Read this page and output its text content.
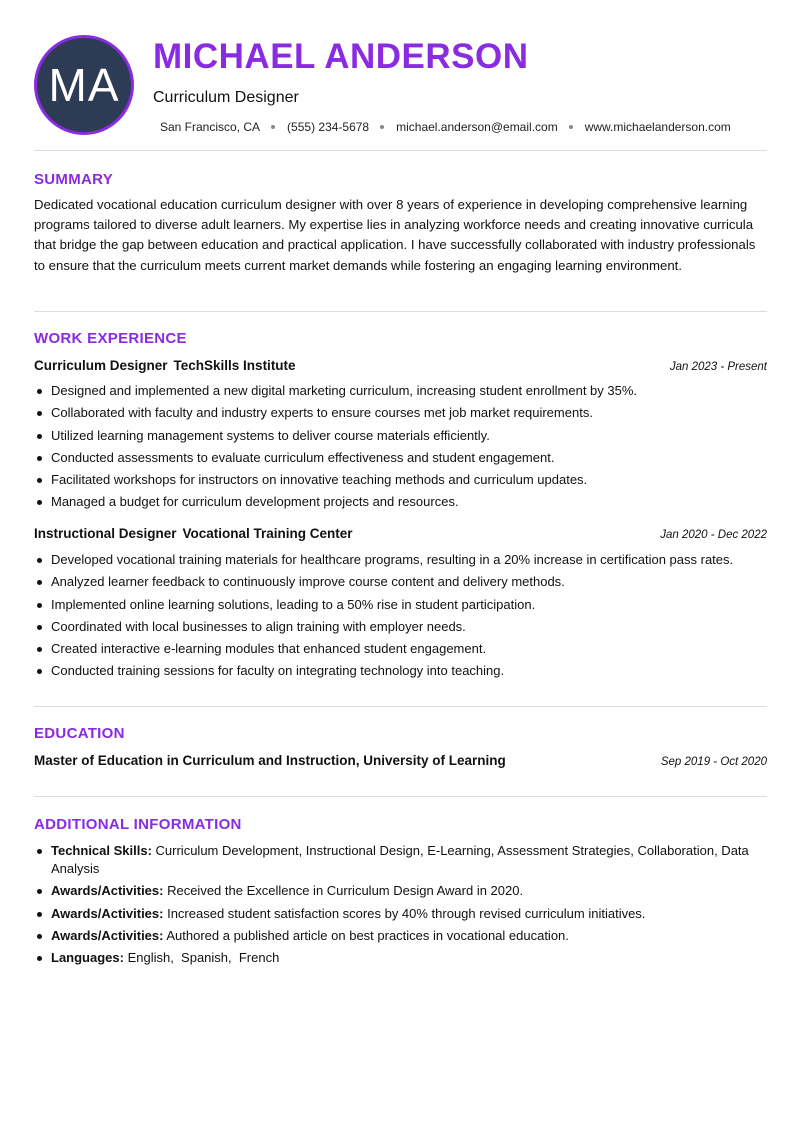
MA
MICHAEL ANDERSON
Curriculum Designer
San Francisco, CA (555) 234-5678 michael.anderson@email.com www.michaelanderson.com
SUMMARY

Dedicated vocational education curriculum designer with over 8 years of experience in developing comprehensive learning programs tailored to diverse adult learners. My expertise lies in analyzing workforce needs and creating innovative curricula that bridge the gap between education and practical application. I have successfully collaborated with industry professionals to ensure that the curriculum meets current market demands while fostering an engaging learning environment.

WORK EXPERIENCE
Curriculum Designer TechSkills Institute	Jan 2023 - Present
Designed and implemented a new digital marketing curriculum, increasing student enrollment by 35%.
Collaborated with faculty and industry experts to ensure courses met job market requirements.
Utilized learning management systems to deliver course materials efficiently.
Conducted assessments to evaluate curriculum effectiveness and student engagement.
Facilitated workshops for instructors on innovative teaching methods and curriculum updates.
Managed a budget for curriculum development projects and resources.
Instructional Designer Vocational Training Center	Jan 2020 - Dec 2022
Developed vocational training materials for healthcare programs, resulting in a 20% increase in certification pass rates.
Analyzed learner feedback to continuously improve course content and delivery methods.
Implemented online learning solutions, leading to a 50% rise in student participation.
Coordinated with local businesses to align training with employer needs.
Created interactive e-learning modules that enhanced student engagement.
Conducted training sessions for faculty on integrating technology into teaching.
EDUCATION
Master of Education in Curriculum and Instruction, University of Learning	Sep 2019 - Oct 2020
ADDITIONAL INFORMATION
Technical Skills: Curriculum Development, Instructional Design, E-Learning, Assessment Strategies, Collaboration, Data Analysis
Awards/Activities: Received the Excellence in Curriculum Design Award in 2020.
Awards/Activities: Increased student satisfaction scores by 40% through revised curriculum initiatives.
Awards/Activities: Authored a published article on best practices in vocational education.
Languages: English,  Spanish,  French
